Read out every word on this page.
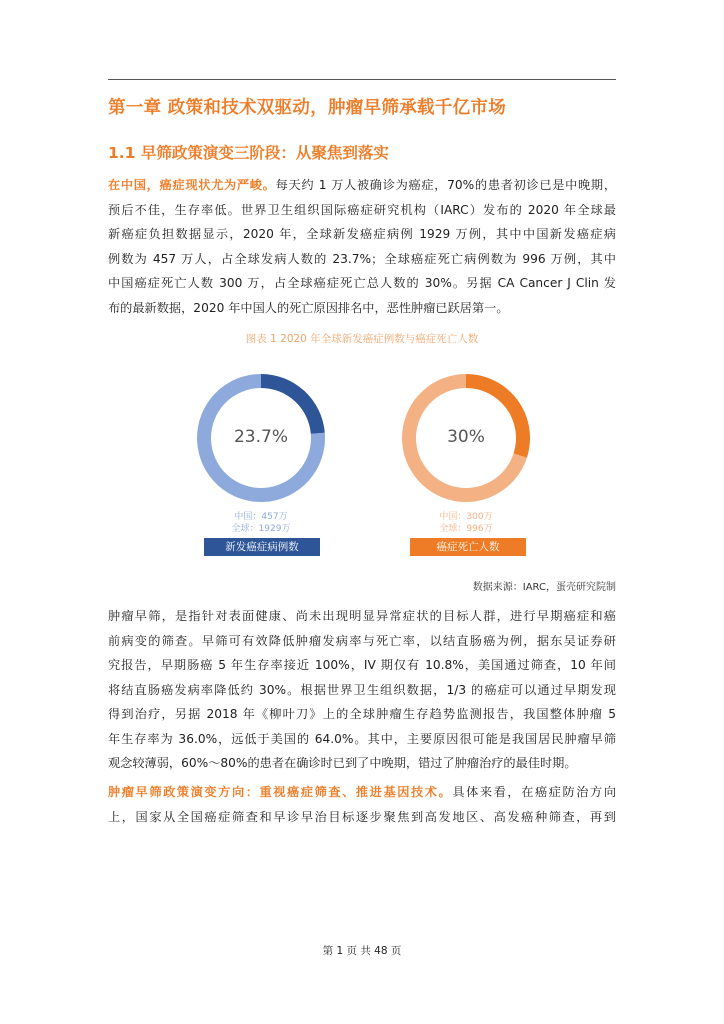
第一章 政策和技术双驱动，肿瘤早筛承载千亿市场
1.1 早筛政策演变三阶段：从聚焦到落实
在中国，癌症现状尤为严峻。每天约 1 万人被确诊为癌症，70%的患者初诊已是中晚期，
预后不佳，生存率低。世界卫生组织国际癌症研究机构（IARC）发布的 2020 年全球最
新癌症负担数据显示，2020 年，全球新发癌症病例 1929 万例，其中中国新发癌症病
例数为 457 万人，占全球发病人数的 23.7%；全球癌症死亡病例数为 996 万例，其中
中国癌症死亡人数 300 万，占全球癌症死亡总人数的 30%。另据 CA Cancer J Clin 发
布的最新数据，2020 年中国人的死亡原因排名中，恶性肿瘤已跃居第一。
图表 1 2020 年全球新发癌症例数与癌症死亡人数
23.7%	30%
中国：457万
全球：1929万
中国：300万
全球：996万
新发癌症病例数	癌症死亡人数
数据来源：IARC，蛋壳研究院制
肿瘤早筛，是指针对表面健康、尚未出现明显异常症状的目标人群，进行早期癌症和癌
前病变的筛查。早筛可有效降低肿瘤发病率与死亡率，以结直肠癌为例，据东吴证券研
究报告，早期肠癌 5 年生存率接近 100%，IV 期仅有 10.8%，美国通过筛查，10 年间
将结直肠癌发病率降低约 30%。根据世界卫生组织数据，1/3 的癌症可以通过早期发现
得到治疗，另据 2018 年《柳叶刀》上的全球肿瘤生存趋势监测报告，我国整体肿瘤 5
年生存率为 36.0%，远低于美国的 64.0%。其中，主要原因很可能是我国居民肿瘤早筛
观念较薄弱，60%～80%的患者在确诊时已到了中晚期，错过了肿瘤治疗的最佳时期。
肿瘤早筛政策演变方向：重视癌症筛查、推进基因技术。具体来看，在癌症防治方向
上，国家从全国癌症筛查和早诊早治目标逐步聚焦到高发地区、高发癌种筛查，再到
第 1 页 共 48 页
